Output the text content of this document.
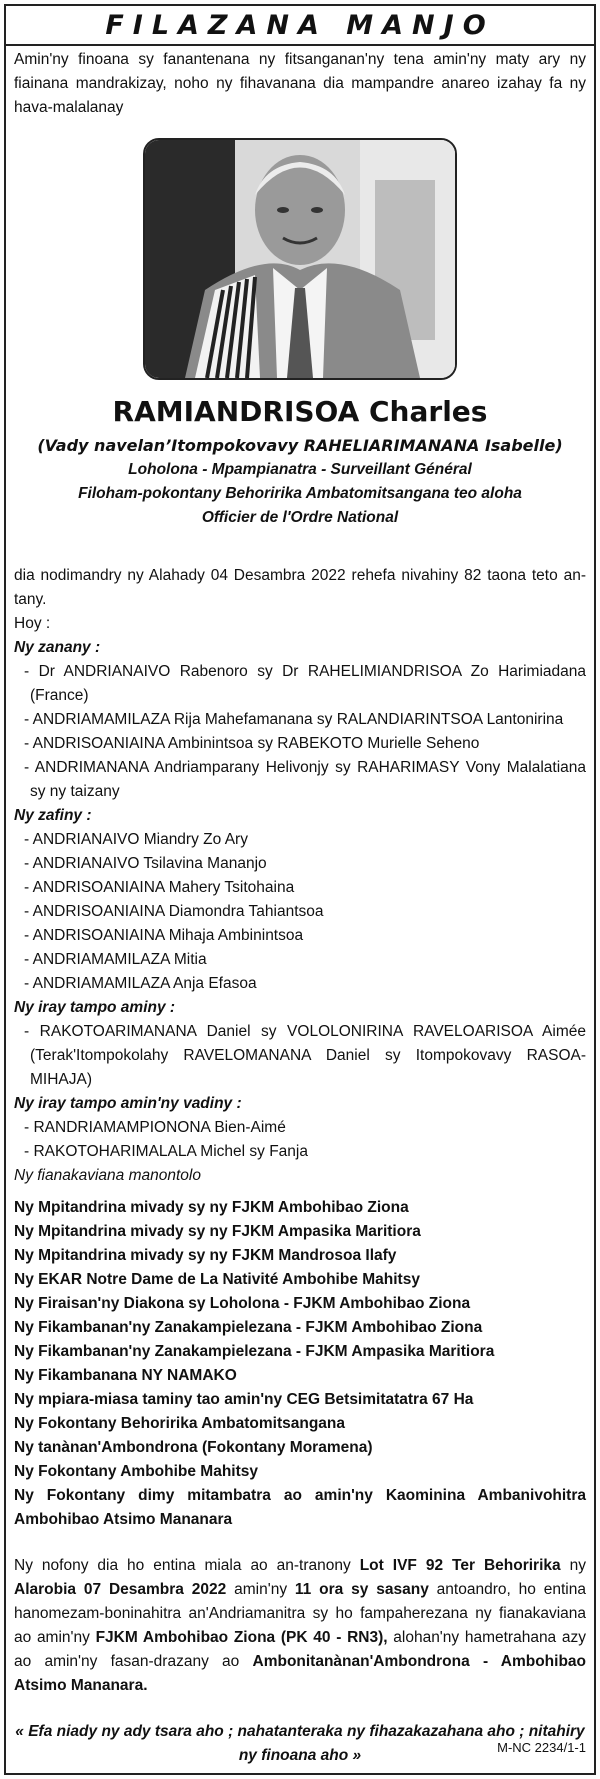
FILAZANA MANJO
Amin'ny finoana sy fanantenana ny fitsanganan'ny tena amin'ny maty ary ny fiainana mandrakizay, noho ny fihavanana dia mampandre anareo izahay fa ny hava-malalanay
RAMIANDRISOA Charles
(Vady navelan’Itompokovavy RAHELIARIMANANA Isabelle)
Loholona - Mpampianatra - Surveillant Général
Filoham-pokontany Behoririka Ambatomitsangana teo aloha
Officier de l'Ordre National
dia nodimandry ny Alahady 04 Desambra 2022 rehefa nivahiny 82 taona teto an-tany.
Hoy :
Ny zanany :
- Dr ANDRIANAIVO Rabenoro sy Dr RAHELIMIANDRISOA Zo Harimiadana (France)
- ANDRIAMAMILAZA Rija Mahefamanana sy RALANDIARINTSOA Lantonirina
- ANDRISOANIAINA Ambinintsoa sy RABEKOTO Murielle Seheno
- ANDRIMANANA Andriamparany Helivonjy sy RAHARIMASY Vony Malalatiana sy ny taizany
Ny zafiny :
- ANDRIANAIVO Miandry Zo Ary
- ANDRIANAIVO Tsilavina Mananjo
- ANDRISOANIAINA Mahery Tsitohaina
- ANDRISOANIAINA Diamondra Tahiantsoa
- ANDRISOANIAINA Mihaja Ambinintsoa
- ANDRIAMAMILAZA Mitia
- ANDRIAMAMILAZA Anja Efasoa
Ny iray tampo aminy :
- RAKOTOARIMANANA Daniel sy VOLOLONIRINA RAVELOARISOA Aimée (Terak'Itompokolahy RAVELOMANANA Daniel sy Itompokovavy RASOA-MIHAJA)
Ny iray tampo amin'ny vadiny :
- RANDRIAMAMPIONONA Bien-Aimé
- RAKOTOHARIMALALA Michel sy Fanja
Ny fianakaviana manontolo
Ny Mpitandrina mivady sy ny FJKM Ambohibao Ziona
Ny Mpitandrina mivady sy ny FJKM Ampasika Maritiora
Ny Mpitandrina mivady sy ny FJKM Mandrosoa Ilafy
Ny EKAR Notre Dame de La Nativité Ambohibe Mahitsy
Ny Firaisan'ny Diakona sy Loholona - FJKM Ambohibao Ziona
Ny Fikambanan'ny Zanakampielezana - FJKM Ambohibao Ziona
Ny Fikambanan'ny Zanakampielezana - FJKM Ampasika Maritiora
Ny Fikambanana NY NAMAKO
Ny mpiara-miasa taminy tao amin'ny CEG Betsimitatatra 67 Ha
Ny Fokontany Behoririka Ambatomitsangana
Ny tanànan'Ambondrona (Fokontany Moramena)
Ny Fokontany Ambohibe Mahitsy
Ny Fokontany dimy mitambatra ao amin'ny Kaominina Ambanivohitra Ambohibao Atsimo Mananara
Ny nofony dia ho entina miala ao an-tranony Lot IVF 92 Ter Behoririka ny Alarobia 07 Desambra 2022 amin'ny 11 ora sy sasany antoandro, ho entina hanomezam-boninahitra an'Andriamanitra sy ho fampaherezana ny fianakaviana ao amin'ny FJKM Ambohibao Ziona (PK 40 - RN3), alohan'ny hametrahana azy ao amin'ny fasan-drazany ao Ambonitanànan'Ambondrona - Ambohibao Atsimo Mananara.
« Efa niady ny ady tsara aho ; nahatanteraka ny fihazakazahana aho ; nitahiry ny finoana aho »	M-NC 2234/1-1
